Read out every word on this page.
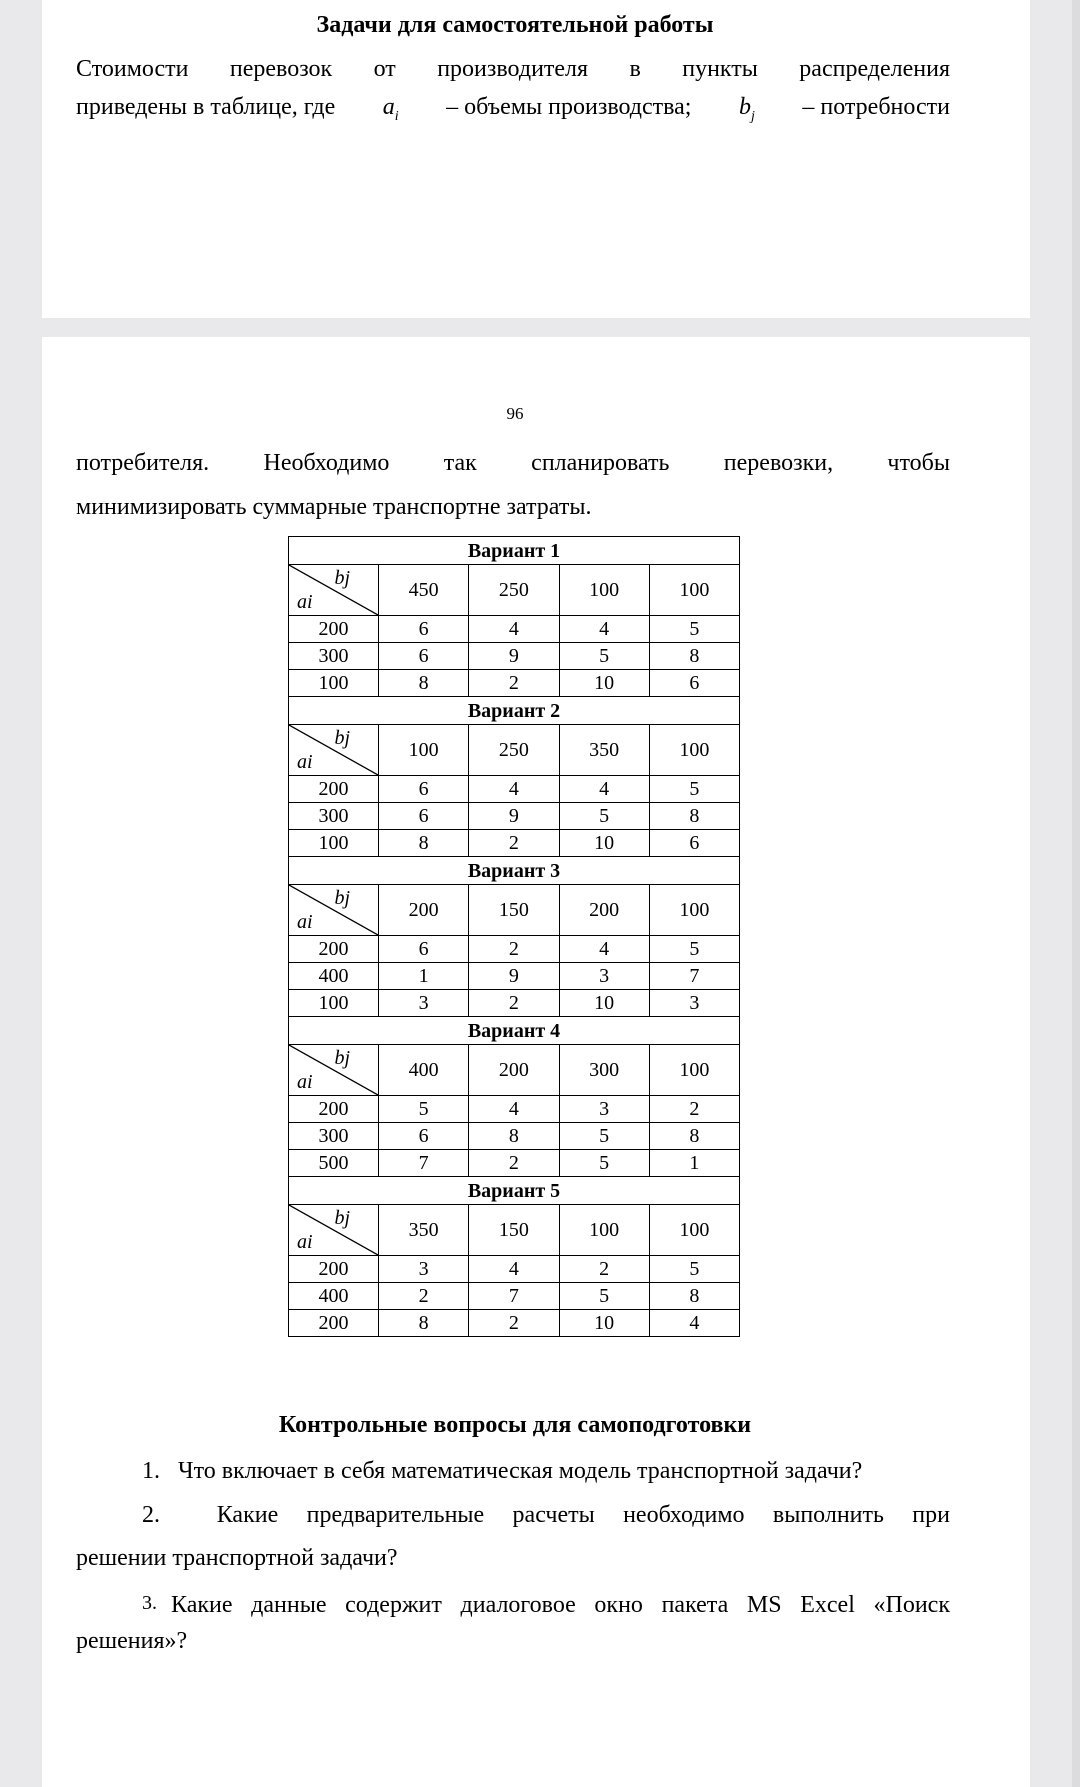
Задачи для самостоятельной работы
Стоимости перевозок от производителя в пункты распределения
приведены в таблице, где $a_i$ – объемы производства; $b_j$ – потребности
96
потребителя. Необходимо так спланировать перевозки, чтобы
минимизировать суммарные транспортне затраты.
Вариант 1				

bj
ai	450	250	100	100
200	6	4	4	5
300	6	9	5	8
100	8	2	10	6
Вариант 2				

bj
ai	100	250	350	100
200	6	4	4	5
300	6	9	5	8
100	8	2	10	6
Вариант 3				

bj
ai	200	150	200	100
200	6	2	4	5
400	1	9	3	7
100	3	2	10	3
Вариант 4				

bj
ai	400	200	300	100
200	5	4	3	2
300	6	8	5	8
500	7	2	5	1
Вариант 5				

bj
ai	350	150	100	100
200	3	4	2	5
400	2	7	5	8
200	8	2	10	4
Контрольные вопросы для самоподготовки
1. Что включает в себя математическая модель транспортной задачи?
2. Какие предварительные расчеты необходимо выполнить при
решении транспортной задачи?
3. Какие данные содержит диалоговое окно пакета MS Excel «Поиск
решения»?
